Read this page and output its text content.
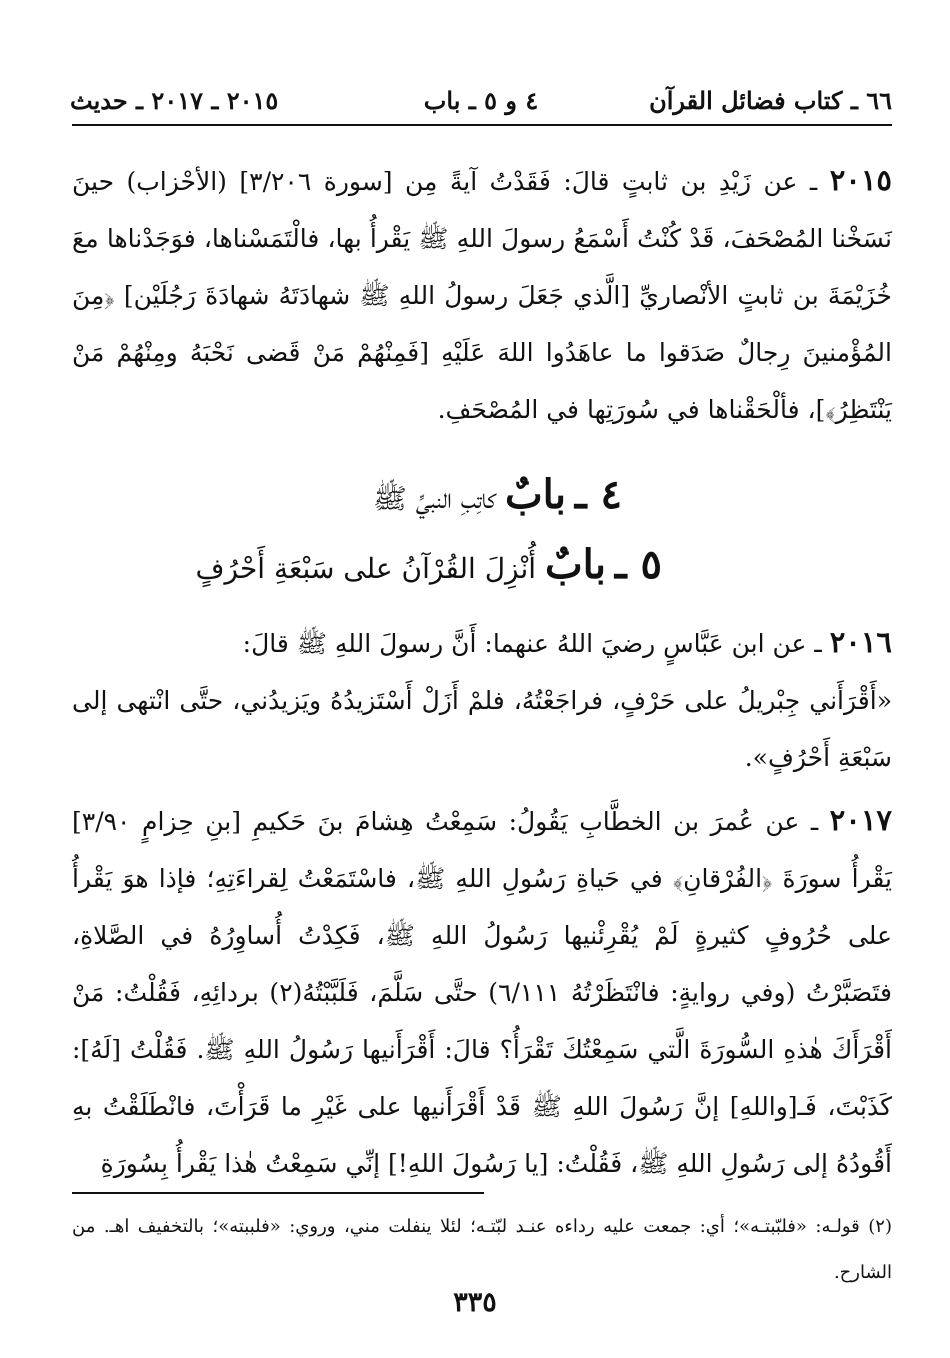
٦٦ ـ كتاب فضائل القرآن
٤ و ٥ ـ باب
٢٠١٥ ـ ٢٠١٧ ـ حديث

٢٠١٥ ـ عن زَيْدِ بن ثابتٍ قالَ: فَقَدْتُ آيةً مِن [سورة ٣/٢٠٦] (الأحْزاب) حينَ نَسَخْنا المُصْحَفَ، قَدْ كُنْتُ أَسْمَعُ رسولَ اللهِ ﷺ يَقْرأُ بها، فالْتَمَسْناها، فوَجَدْناها معَ خُزَيْمَةَ بن ثابتٍ الأنْصاريِّ [الَّذي جَعَلَ رسولُ اللهِ ﷺ شهادَتَهُ شهادَةَ رَجُلَيْن] ﴿مِنَ المُؤْمنينَ رِجالٌ صَدَقوا ما عاهَدُوا اللهَ عَلَيْهِ [فَمِنْهُمْ مَنْ قَضى نَحْبَهُ ومِنْهُمْ مَنْ يَنْتَظِرُ﴾]، فألْحَقْناها في سُورَتِها في المُصْحَفِ.

٤ ـ بابٌ كاتِبِ النبيِّ ﷺ

٥ ـ بابٌ أُنْزِلَ القُرْآنُ على سَبْعَةِ أَحْرُفٍ

٢٠١٦ ـ عن ابن عَبَّاسٍ رضيَ اللهُ عنهما: أَنَّ رسولَ اللهِ ﷺ قالَ:

«أَقْرَأَني جِبْريلُ على حَرْفٍ، فراجَعْتُهُ، فلمْ أَزَلْ أَسْتَزيدُهُ ويَزيدُني، حتَّى انْتهى إلى سَبْعَةِ أَحْرُفٍ».

٢٠١٧ ـ عن عُمرَ بن الخطَّابِ يَقُولُ: سَمِعْتُ هِشامَ بنَ حَكيمِ [بنِ حِزامٍ ٣/٩٠] يَقْرأُ سورَةَ ﴿الفُرْقانِ﴾ في حَياةِ رَسُولِ اللهِ ﷺ، فاسْتَمَعْتُ لِقراءَتِهِ؛ فإذا هوَ يَقْرأُ على حُرُوفٍ كثيرةٍ لَمْ يُقْرِئْنيها رَسُولُ اللهِ ﷺ، فَكِدْتُ أُساوِرُهُ في الصَّلاةِ، فتَصَبَّرْتُ (وفي روايةٍ: فانْتَظَرْتُهُ ٦/١١١) حتَّى سَلَّمَ، فَلَبَّبْتُهُ(٢) بردائِهِ، فَقُلْتُ: مَنْ أَقْرَأَكَ هٰذهِ السُّورَةَ الَّتي سَمِعْتُكَ تَقْرَأُ؟ قالَ: أَقْرَأَنيها رَسُولُ اللهِ ﷺ. فَقُلْتُ [لَهُ]: كَذَبْتَ، فَـ[واللهِ] إنَّ رَسُولَ اللهِ ﷺ قَدْ أَقْرَأَنيها على غَيْرِ ما قَرَأْتَ، فانْطَلَقْتُ بهِ أَقُودُهُ إلى رَسُولِ اللهِ ﷺ، فَقُلْتُ: [يا رَسُولَ اللهِ!] إنِّي سَمِعْتُ هٰذا يَقْرأُ بِسُورَةِ

(٢) قولـه: «فلبّبتـه»؛ أي: جمعت عليه رداءه عنـد لبّتـه؛ لئلا ينفلت مني، وروي: «فلببته»؛ بالتخفيف اهـ. من الشارح.

٣٣٥
